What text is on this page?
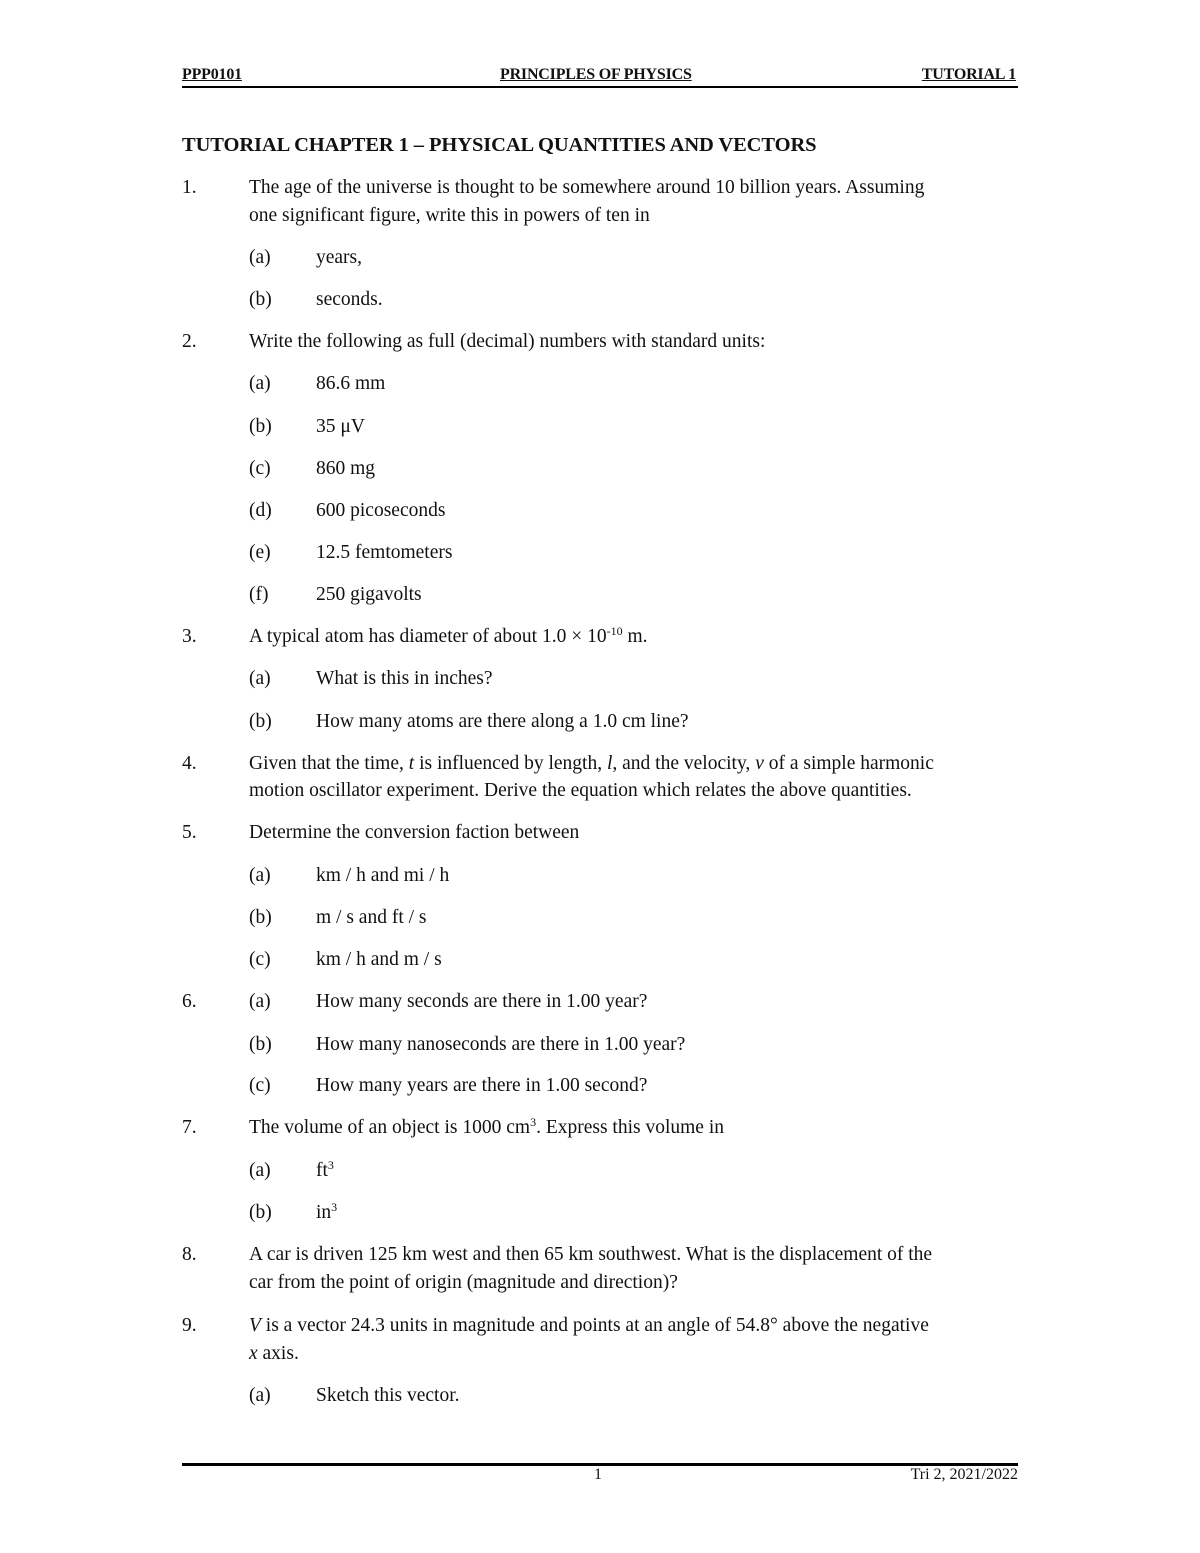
PPP0101	PRINCIPLES OF PHYSICS	TUTORIAL 1
TUTORIAL CHAPTER 1 – PHYSICAL QUANTITIES AND VECTORS
1.	The age of the universe is thought to be somewhere around 10 billion years. Assuming
one significant figure, write this in powers of ten in
(a) years,
(b) seconds.
2.	Write the following as full (decimal) numbers with standard units:
(a) 86.6 mm
(b) 35 μV
(c) 860 mg
(d) 600 picoseconds
(e) 12.5 femtometers
(f) 250 gigavolts
3.	A typical atom has diameter of about $1.0 \times 10^{-10}$ m.
(a) What is this in inches?
(b) How many atoms are there along a 1.0 cm line?
4.	Given that the time, t is influenced by length, l, and the velocity, v of a simple harmonic
motion oscillator experiment. Derive the equation which relates the above quantities.
5.	Determine the conversion faction between
(a) km / h and mi / h
(b) m / s and ft / s
(c) km / h and m / s
6.	(a) How many seconds are there in 1.00 year?
(b) How many nanoseconds are there in 1.00 year?
(c) How many years are there in 1.00 second?
7.	The volume of an object is 1000 $cm^3$. Express this volume in
(a) $ft^3$
(b) $in^3$
8.	A car is driven 125 km west and then 65 km southwest. What is the displacement of the
car from the point of origin (magnitude and direction)?
9.	V is a vector 24.3 units in magnitude and points at an angle of 54.8° above the negative
x axis.
(a) Sketch this vector.
1	Tri 2, 2021/2022
